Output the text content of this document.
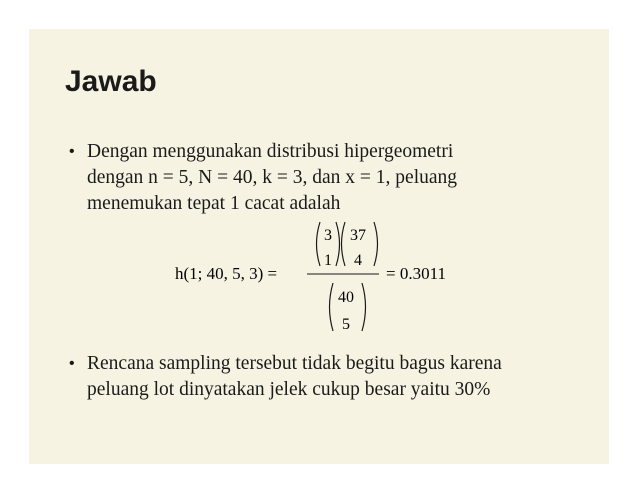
Jawab
• Dengan menggunakan distribusi hipergeometri
dengan n = 5, N = 40, k = 3, dan x = 1, peluang
menemukan tepat 1 cacat adalah
h(1; 40, 5, 3) =
3
1
37
4
40
5
= 0.3011
• Rencana sampling tersebut tidak begitu bagus karena
peluang lot dinyatakan jelek cukup besar yaitu 30%
